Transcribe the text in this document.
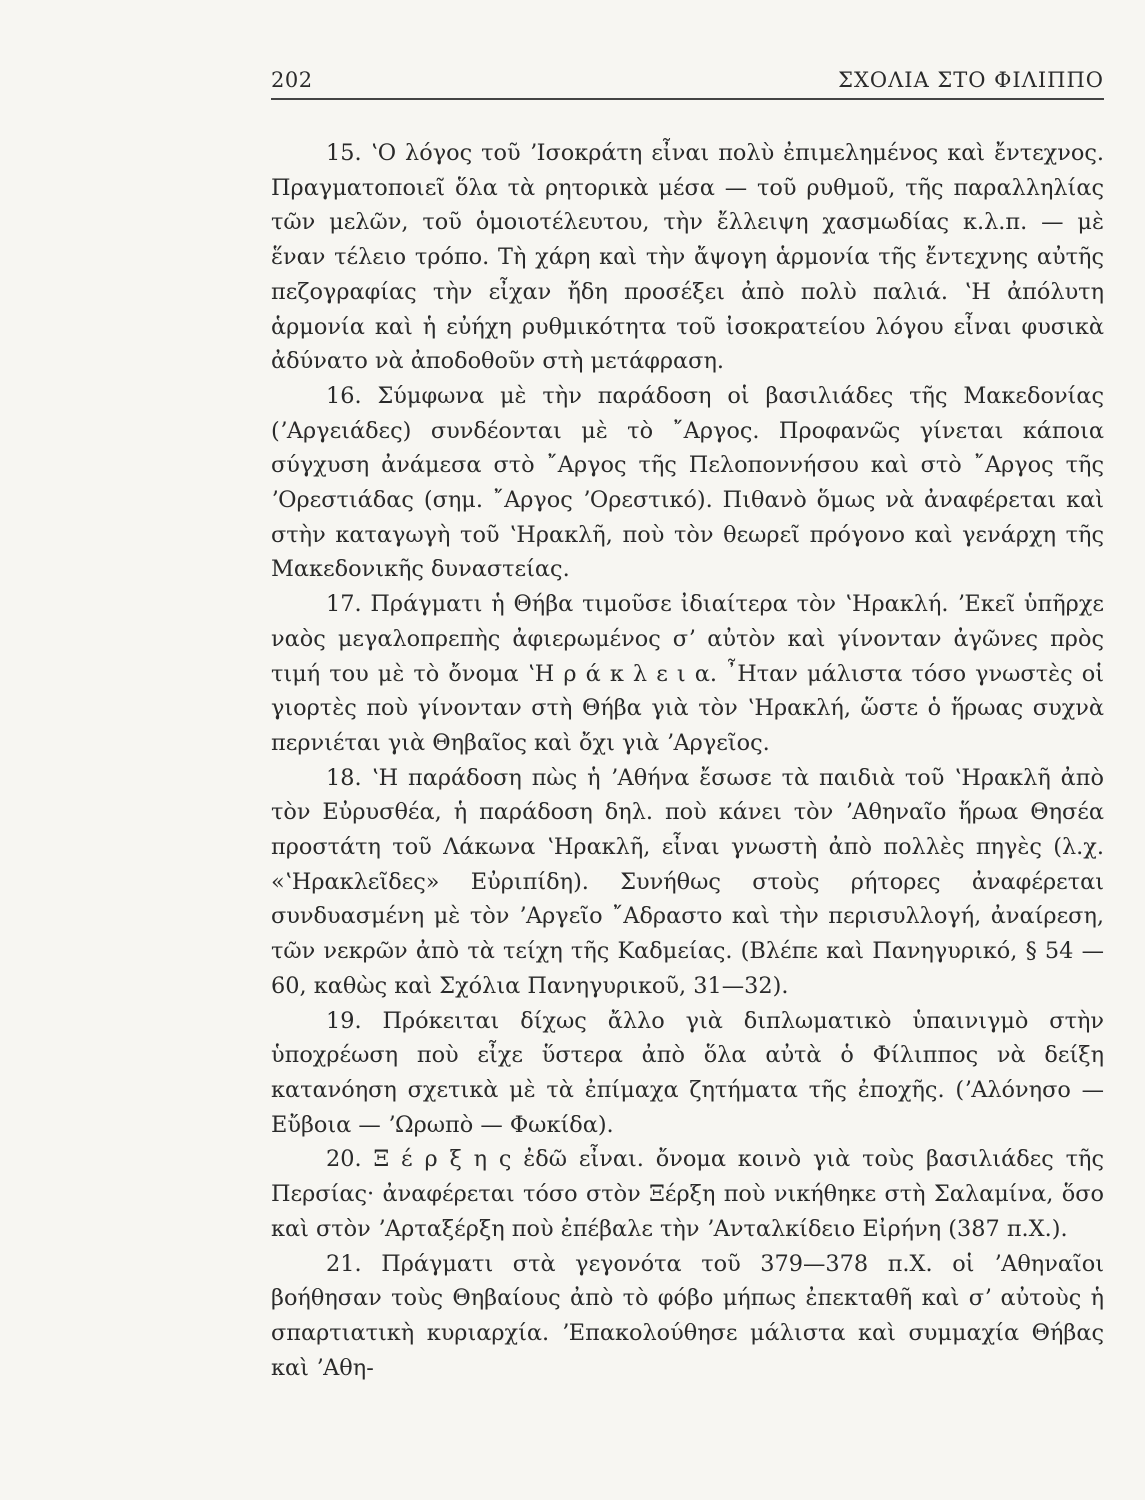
202	ΣΧΟΛΙΑ ΣΤΟ ΦΙΛΙΠΠΟ

15. ʽΟ λόγος τοῦ ʼΙσοκράτη εἶναι πολὺ ἐπιμελημένος καὶ ἔντεχνος. Πραγματοποιεῖ ὅλα τὰ ρητορικὰ μέσα — τοῦ ρυθμοῦ, τῆς παραλληλίας τῶν μελῶν, τοῦ ὁμοιοτέλευτου, τὴν ἔλλειψη χασμωδίας κ.λ.π. — μὲ ἕναν τέλειο τρόπο. Τὴ χάρη καὶ τὴν ἄψογη ἁρμονία τῆς ἔντεχνης αὐτῆς πεζογραφίας τὴν εἶχαν ἤδη προσέξει ἀπὸ πολὺ παλιά. ʽΗ ἀπόλυτη ἁρμονία καὶ ἡ εὐήχη ρυθμικότητα τοῦ ἰσοκρατείου λόγου εἶναι φυσικὰ ἀδύνατο νὰ ἀποδοθοῦν στὴ μετάφραση.

16. Σύμφωνα μὲ τὴν παράδοση οἱ βασιλιάδες τῆς Μακεδονίας (ʼΑργειάδες) συνδέονται μὲ τὸ ῎Αργος. Προφανῶς γίνεται κάποια σύγχυση ἀνάμεσα στὸ ῎Αργος τῆς Πελοποννήσου καὶ στὸ ῎Αργος τῆς ʼΟρεστιάδας (σημ. ῎Αργος ʼΟρεστικό). Πιθανὸ ὅμως νὰ ἀναφέρεται καὶ στὴν καταγωγὴ τοῦ ʽΗρακλῆ, ποὺ τὸν θεωρεῖ πρόγονο καὶ γενάρχη τῆς Μακεδονικῆς δυναστείας.

17. Πράγματι ἡ Θήβα τιμοῦσε ἰδιαίτερα τὸν ʽΗρακλή. ʼΕκεῖ ὑπῆρχε ναὸς μεγαλοπρεπὴς ἀφιερωμένος σʼ αὐτὸν καὶ γίνονταν ἀγῶνες πρὸς τιμή του μὲ τὸ ὄνομα ʽΗ ρ ά κ λ ε ι α. ῏Ηταν μάλιστα τόσο γνωστὲς οἱ γιορτὲς ποὺ γίνονταν στὴ Θήβα γιὰ τὸν ʽΗρακλή, ὥστε ὁ ἥρωας συχνὰ περνιέται γιὰ Θηβαῖος καὶ ὄχι γιὰ ʼΑργεῖος.

18. ʽΗ παράδοση πὼς ἡ ʼΑθήνα ἔσωσε τὰ παιδιὰ τοῦ ʽΗρακλῆ ἀπὸ τὸν Εὐρυσθέα, ἡ παράδοση δηλ. ποὺ κάνει τὸν ʼΑθηναῖο ἥρωα Θησέα προστάτη τοῦ Λάκωνα ʽΗρακλῆ, εἶναι γνωστὴ ἀπὸ πολλὲς πηγὲς (λ.χ. «ʽΗρακλεῖδες» Εὐριπίδη). Συνήθως στοὺς ρήτορες ἀναφέρεται συνδυασμένη μὲ τὸν ʼΑργεῖο ῎Αδραστο καὶ τὴν περισυλλογή, ἀναίρεση, τῶν νεκρῶν ἀπὸ τὰ τείχη τῆς Καδμείας. (Βλέπε καὶ Πανηγυρικό, § 54 —60, καθὼς καὶ Σχόλια Πανηγυρικοῦ, 31—32).

19. Πρόκειται δίχως ἄλλο γιὰ διπλωματικὸ ὑπαινιγμὸ στὴν ὑποχρέωση ποὺ εἶχε ὕστερα ἀπὸ ὅλα αὐτὰ ὁ Φίλιππος νὰ δείξη κατανόηση σχετικὰ μὲ τὰ ἐπίμαχα ζητήματα τῆς ἐποχῆς. (ʼΑλόνησο — Εὔβοια — ʼΩρωπὸ — Φωκίδα).

20. Ξ έ ρ ξ η ς ἐδῶ εἶναι. ὄνομα κοινὸ γιὰ τοὺς βασιλιάδες τῆς Περσίας· ἀναφέρεται τόσο στὸν Ξέρξη ποὺ νικήθηκε στὴ Σαλαμίνα, ὅσο καὶ στὸν ʼΑρταξέρξη ποὺ ἐπέβαλε τὴν ʼΑνταλκίδειο Εἰρήνη (387 π.Χ.).

21. Πράγματι στὰ γεγονότα τοῦ 379—378 π.Χ. οἱ ʼΑθηναῖοι βοήθησαν τοὺς Θηβαίους ἀπὸ τὸ φόβο μήπως ἐπεκταθῆ καὶ σʼ αὐτοὺς ἡ σπαρτιατικὴ κυριαρχία. ʼΕπακολούθησε μάλιστα καὶ συμμαχία Θήβας καὶ ʼΑθη-
